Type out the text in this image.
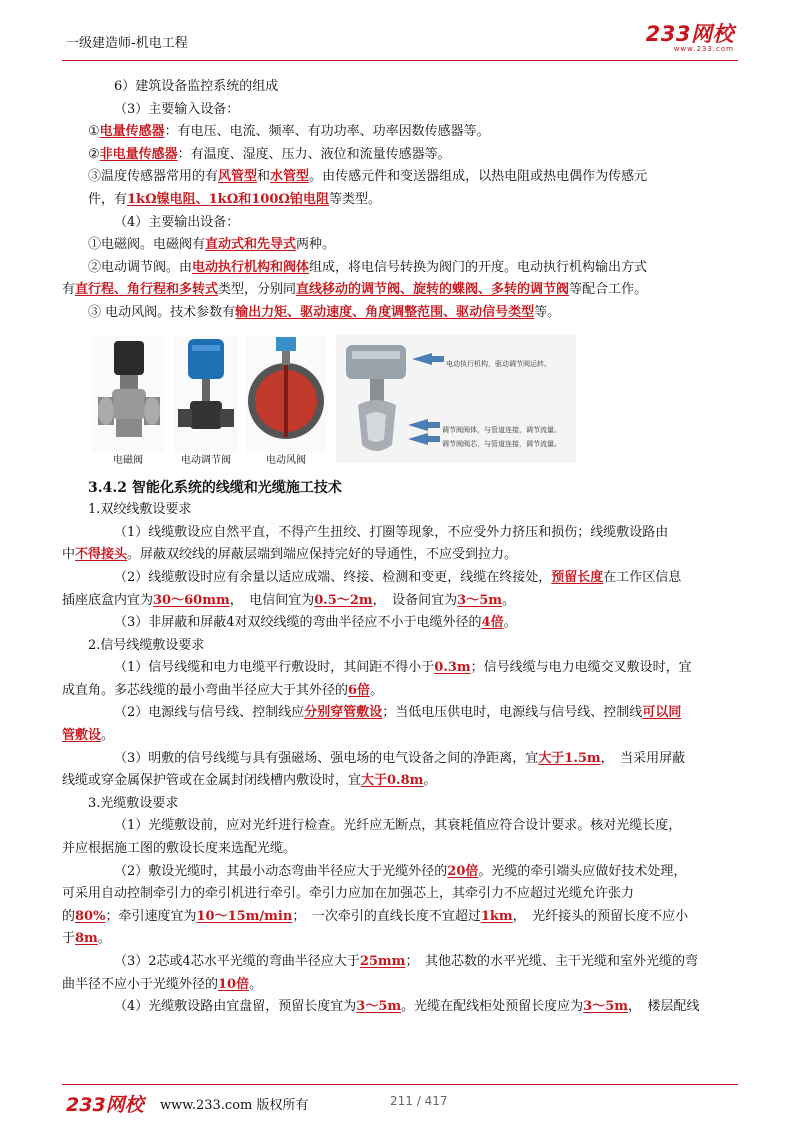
一级建造师-机电工程	233网校
www.233.com

6）建筑设备监控系统的组成

（3）主要输入设备：

①电量传感器：有电压、电流、频率、有功功率、功率因数传感器等。

②非电量传感器：有温度、湿度、压力、液位和流量传感器等。

③温度传感器常用的有风管型和水管型。由传感元件和变送器组成，以热电阻或热电偶作为传感元

件，有1kΩ镍电阻、1kΩ和100Ω铂电阻等类型。

（4）主要输出设备：

①电磁阀。电磁阀有直动式和先导式两种。

②电动调节阀。由电动执行机构和阀体组成，将电信号转换为阀门的开度。电动执行机构输出方式

有直行程、角行程和多转式类型，分别同直线移动的调节阀、旋转的蝶阀、多转的调节阀等配合工作。

③ 电动风阀。技术参数有输出力矩、驱动速度、角度调整范围、驱动信号类型等。

电磁阀	电动调节阀	电动风阀
电动执行机构，驱动调节阀运转。
调节阀阀体，与管道连接，调节流量。
调节阀阀芯，与管道连接，调节流量。

3.4.2 智能化系统的线缆和光缆施工技术

1.双绞线敷设要求

（1）线缆敷设应自然平直，不得产生扭绞、打圈等现象，不应受外力挤压和损伤；线缆敷设路由

中不得接头。屏蔽双绞线的屏蔽层端到端应保持完好的导通性，不应受到拉力。

（2）线缆敷设时应有余量以适应成端、终接、检测和变更，线缆在终接处，预留长度在工作区信息

插座底盒内宜为30～60mm，　电信间宜为0.5～2m，　设备间宜为3～5m。

（3）非屏蔽和屏蔽4对双绞线缆的弯曲半径应不小于电缆外径的4倍。

2.信号线缆敷设要求

（1）信号线缆和电力电缆平行敷设时，其间距不得小于0.3m；信号线缆与电力电缆交叉敷设时，宜

成直角。多芯线缆的最小弯曲半径应大于其外径的6倍。

（2）电源线与信号线、控制线应分别穿管敷设；当低电压供电时，电源线与信号线、控制线可以同

管敷设。

（3）明敷的信号线缆与具有强磁场、强电场的电气设备之间的净距离，宜大于1.5m，　当采用屏蔽

线缆或穿金属保护管或在金属封闭线槽内敷设时，宜大于0.8m。

3.光缆敷设要求

（1）光缆敷设前，应对光纤进行检查。光纤应无断点，其衰耗值应符合设计要求。核对光缆长度，

并应根据施工图的敷设长度来选配光缆。

（2）敷设光缆时，其最小动态弯曲半径应大于光缆外径的20倍。光缆的牵引端头应做好技术处理，

可采用自动控制牵引力的牵引机进行牵引。牵引力应加在加强芯上，其牵引力不应超过光缆允许张力

的80%；牵引速度宜为10～15m/min；　一次牵引的直线长度不宜超过1km，　光纤接头的预留长度不应小

于8m。

（3）2芯或4芯水平光缆的弯曲半径应大于25mm；　其他芯数的水平光缆、主干光缆和室外光缆的弯

曲半径不应小于光缆外径的10倍。

（4）光缆敷设路由宜盘留，预留长度宜为3～5m。光缆在配线柜处预留长度应为3～5m，　楼层配线

233网校 www.233.com 版权所有	211 / 417
